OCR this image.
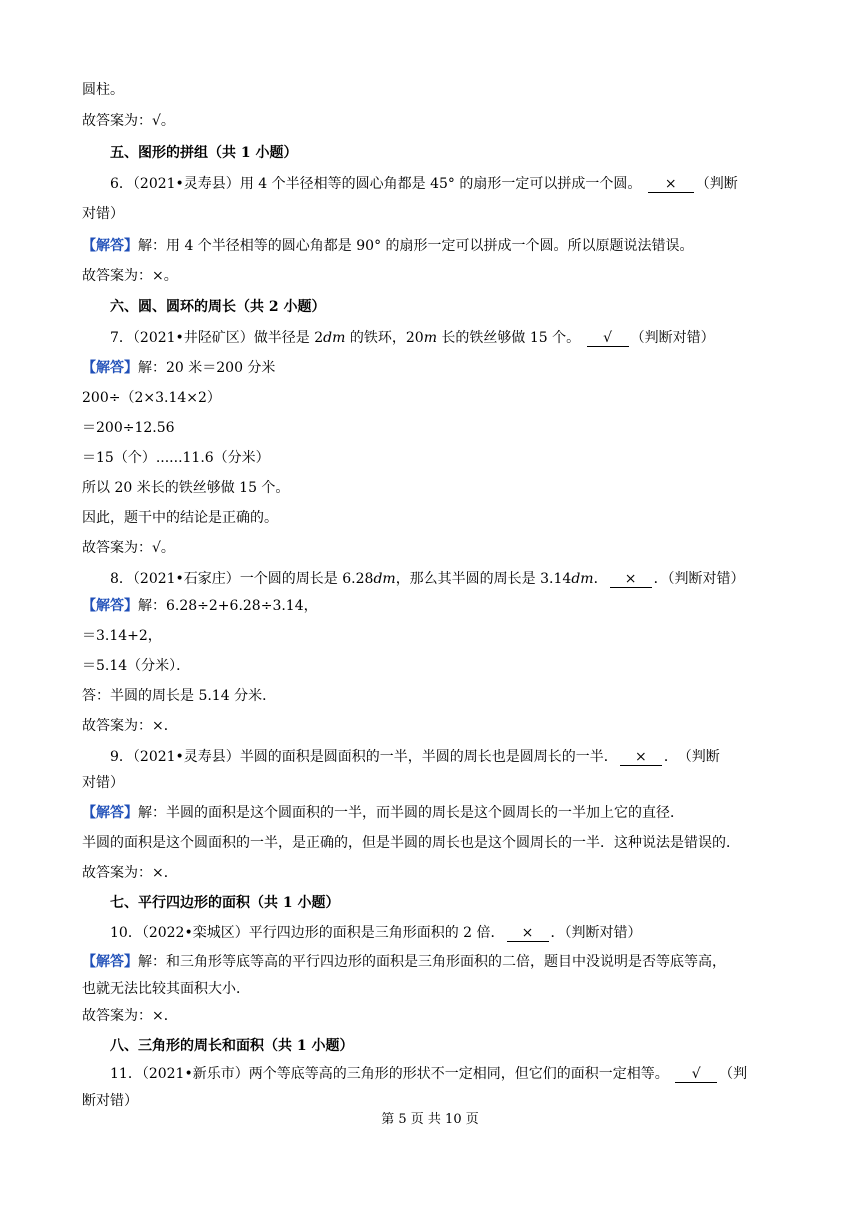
圆柱。
故答案为：√。
五、图形的拼组（共 1 小题）
6．（2021•灵寿县）用 4 个半径相等的圆心角都是 45° 的扇形一定可以拼成一个圆。 × （判断
对错）
【解答】解：用 4 个半径相等的圆心角都是 90° 的扇形一定可以拼成一个圆。所以原题说法错误。
故答案为：×。
六、圆、圆环的周长（共 2 小题）
7．（2021•井陉矿区）做半径是 2dm 的铁环，20m 长的铁丝够做 15 个。 √ （判断对错）
【解答】解：20 米＝200 分米
200÷（2×3.14×2）
＝200÷12.56
＝15（个）......11.6（分米）
所以 20 米长的铁丝够做 15 个。
因此，题干中的结论是正确的。
故答案为：√。
8．（2021•石家庄）一个圆的周长是 6.28dm，那么其半圆的周长是 3.14dm． × ．（判断对错）
【解答】解：6.28÷2+6.28÷3.14，
＝3.14+2，
＝5.14（分米）．
答：半圆的周长是 5.14 分米．
故答案为：×．
9．（2021•灵寿县）半圆的面积是圆面积的一半，半圆的周长也是圆周长的一半． × ．　（判断
对错）
【解答】解：半圆的面积是这个圆面积的一半，而半圆的周长是这个圆周长的一半加上它的直径．
半圆的面积是这个圆面积的一半，是正确的，但是半圆的周长也是这个圆周长的一半．这种说法是错误的．
故答案为：×．
七、平行四边形的面积（共 1 小题）
10．（2022•栾城区）平行四边形的面积是三角形面积的 2 倍． × ．（判断对错）
【解答】解：和三角形等底等高的平行四边形的面积是三角形面积的二倍，题目中没说明是否等底等高，
也就无法比较其面积大小．
故答案为：×．
八、三角形的周长和面积（共 1 小题）
11．（2021•新乐市）两个等底等高的三角形的形状不一定相同，但它们的面积一定相等。 √ （判
断对错）
第 5 页 共 10 页
